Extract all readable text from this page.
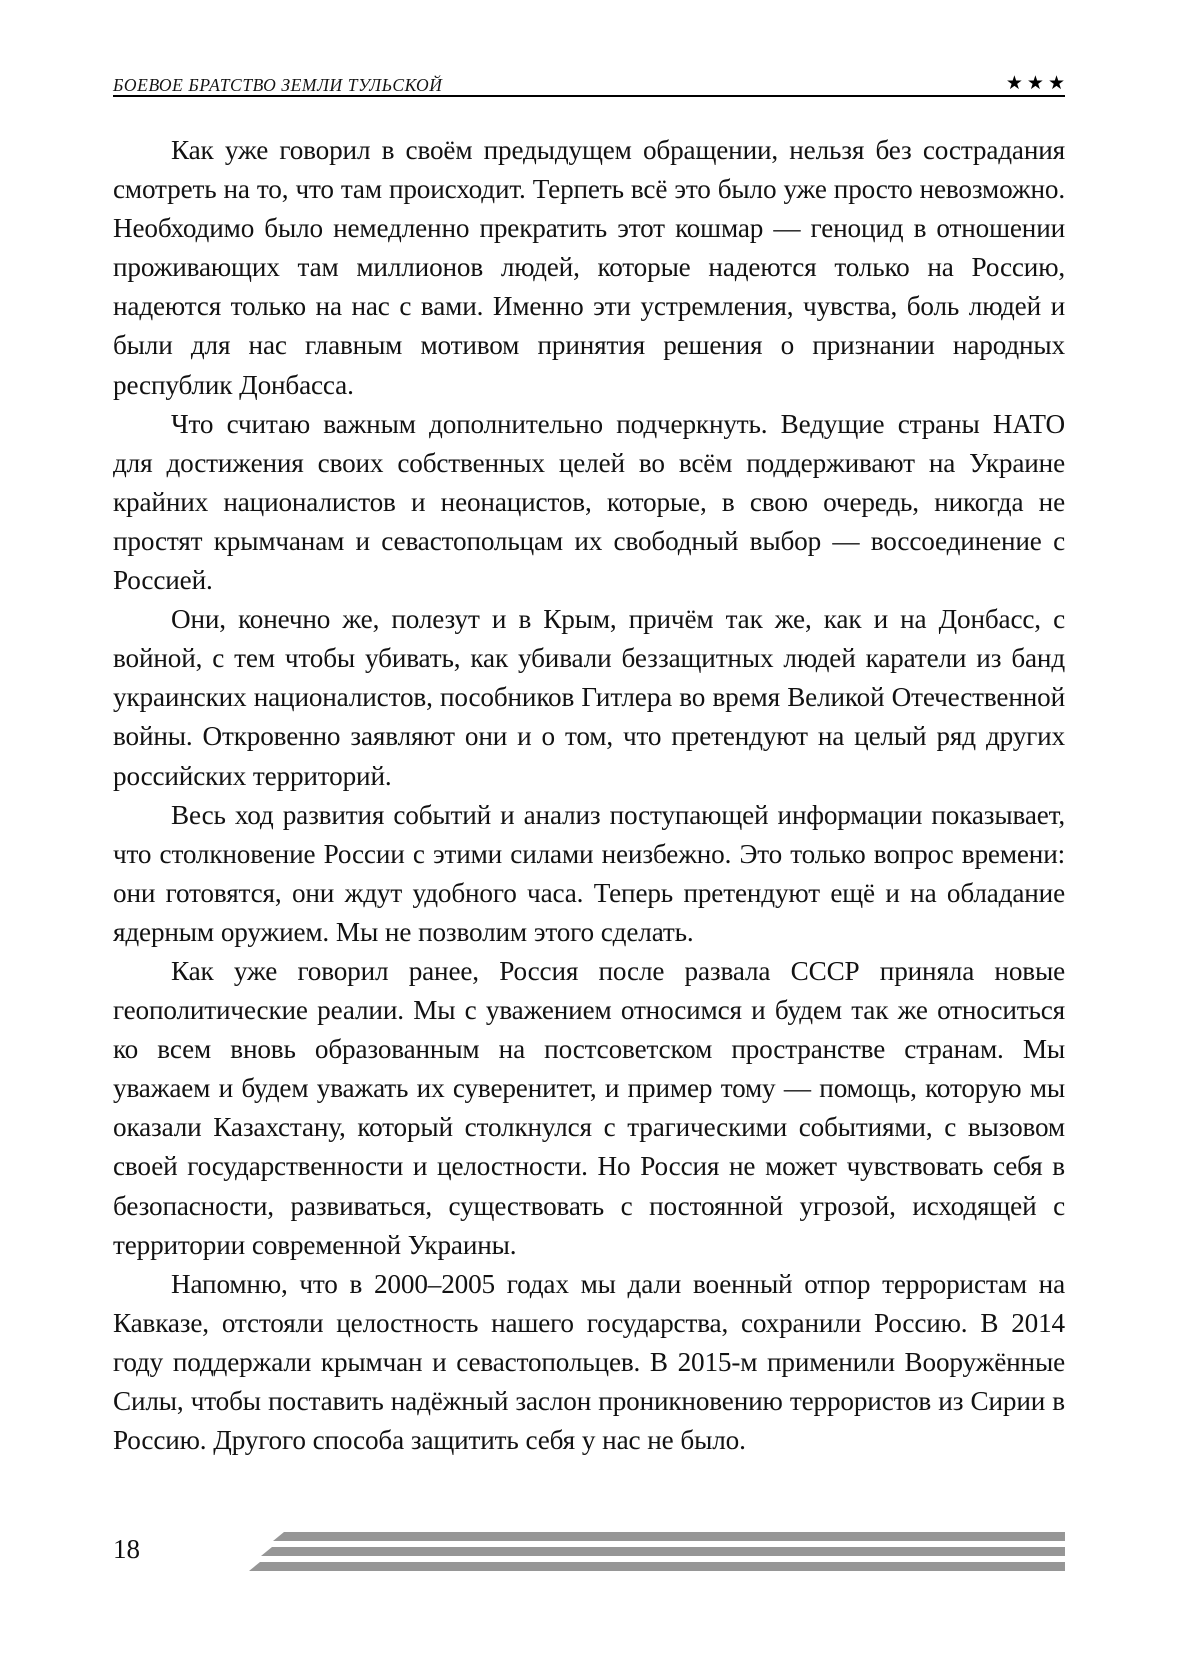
БОЕВОЕ БРАТСТВО ЗЕМЛИ ТУЛЬСКОЙ	★ ★ ★

Как уже говорил в своём предыдущем обращении, нельзя без сострадания смотреть на то, что там происходит. Терпеть всё это было уже просто невозможно. Необходимо было немедленно прекратить этот кошмар — геноцид в отношении проживающих там миллионов людей, которые надеются только на Россию, надеются только на нас с вами. Именно эти устремления, чувства, боль людей и были для нас главным мотивом принятия решения о признании народных республик Донбасса.

Что считаю важным дополнительно подчеркнуть. Ведущие страны НАТО для достижения своих собственных целей во всём поддерживают на Украине крайних националистов и неонацистов, которые, в свою очередь, никогда не простят крымчанам и севастопольцам их свободный выбор — воссоединение с Россией.

Они, конечно же, полезут и в Крым, причём так же, как и на Донбасс, с войной, с тем чтобы убивать, как убивали беззащитных людей каратели из банд украинских националистов, пособников Гитлера во время Великой Отечественной войны. Откровенно заявляют они и о том, что претендуют на целый ряд других российских территорий.

Весь ход развития событий и анализ поступающей информации показывает, что столкновение России с этими силами неизбежно. Это только вопрос времени: они готовятся, они ждут удобного часа. Теперь претендуют ещё и на обладание ядерным оружием. Мы не позволим этого сделать.

Как уже говорил ранее, Россия после развала СССР приняла новые геополитические реалии. Мы с уважением относимся и будем так же относиться ко всем вновь образованным на постсоветском пространстве странам. Мы уважаем и будем уважать их суверенитет, и пример тому — помощь, которую мы оказали Казахстану, который столкнулся с трагическими событиями, с вызовом своей государственности и целостности. Но Россия не может чувствовать себя в безопасности, развиваться, существовать с постоянной угрозой, исходящей с территории современной Украины.

Напомню, что в 2000–2005 годах мы дали военный отпор террористам на Кавказе, отстояли целостность нашего государства, сохранили Россию. В 2014 году поддержали крымчан и севастопольцев. В 2015-м применили Вооружённые Силы, чтобы поставить надёжный заслон проникновению террористов из Сирии в Россию. Другого способа защитить себя у нас не было.

18
